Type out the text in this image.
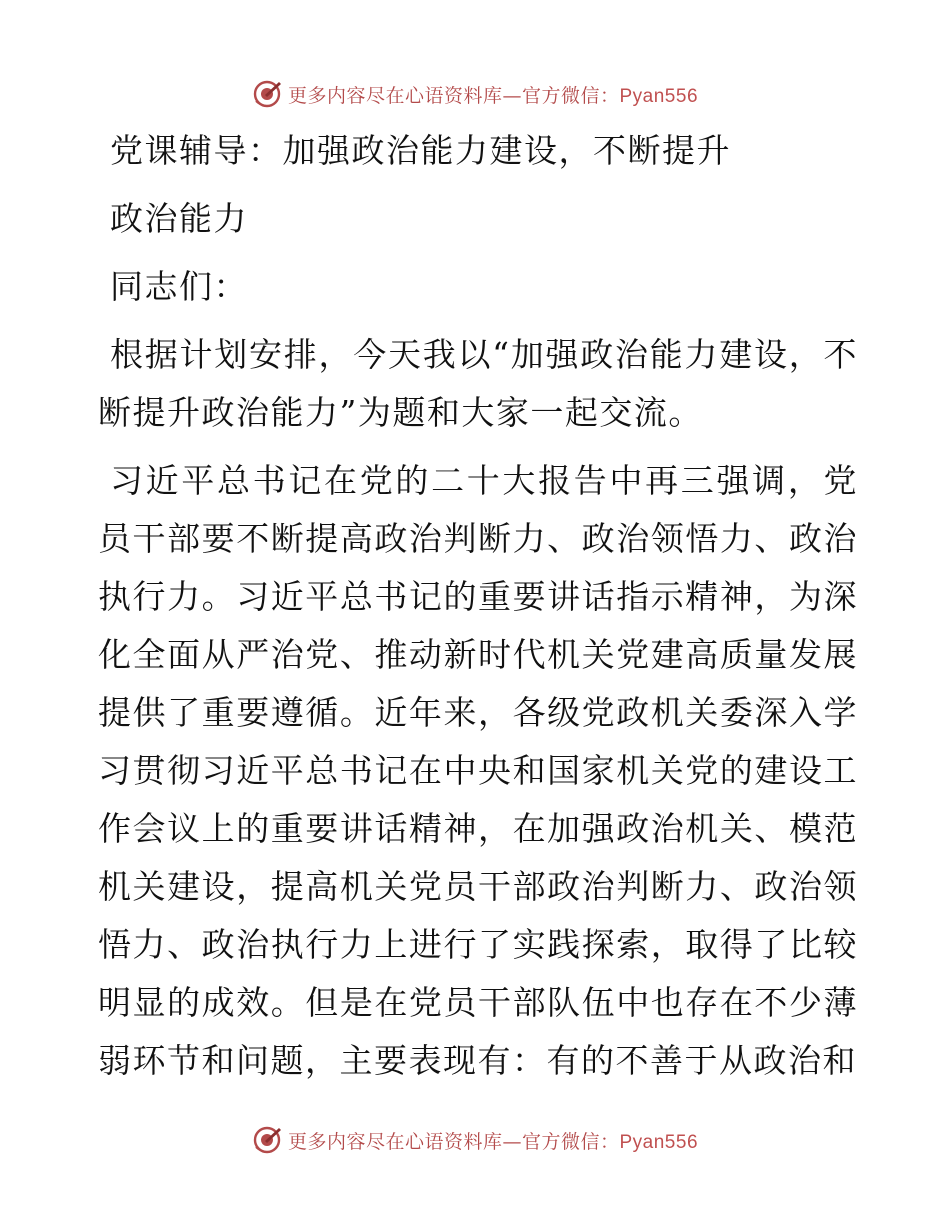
更多内容尽在心语资料库—官方微信：Pyan556

党课辅导：加强政治能力建设，不断提升

政治能力

同志们：

根据计划安排，今天我以“加强政治能力建设，不断提升政治能力”为题和大家一起交流。

习近平总书记在党的二十大报告中再三强调，党员干部要不断提高政治判断力、政治领悟力、政治执行力。习近平总书记的重要讲话指示精神，为深化全面从严治党、推动新时代机关党建高质量发展提供了重要遵循。近年来，各级党政机关委深入学习贯彻习近平总书记在中央和国家机关党的建设工作会议上的重要讲话精神，在加强政治机关、模范机关建设，提高机关党员干部政治判断力、政治领悟力、政治执行力上进行了实践探索，取得了比较明显的成效。但是在党员干部队伍中也存在不少薄弱环节和问题，主要表现有：有的不善于从政治和

更多内容尽在心语资料库—官方微信：Pyan556
